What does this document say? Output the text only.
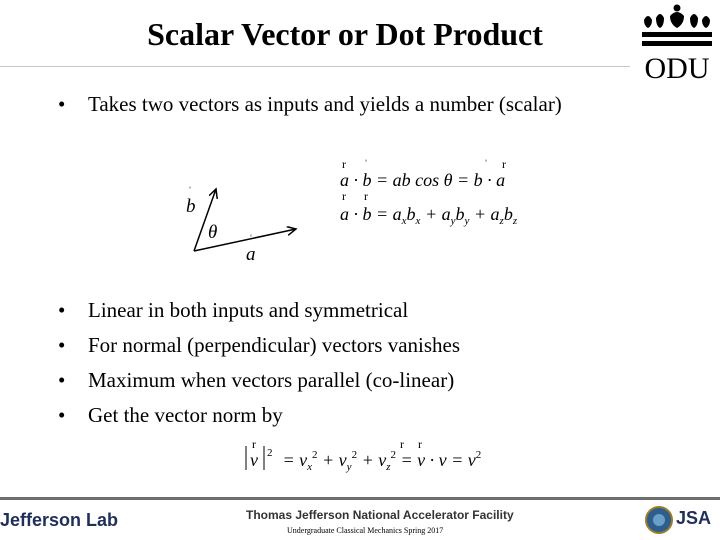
Scalar Vector or Dot Product
ODU
•	Takes two vectors as inputs and yields a number (scalar)
ˈ
b
θ	ˈ
a
r ˈ	ˈ r
r r
a · b = ab cos θ = b · a
$a \cdot b = a_xb_x + a_yb_y + a_zb_z$
•	Linear in both inputs and symmetrical
•	For normal (perpendicular) vectors vanishes
•	Maximum when vectors parallel (co-linear)
•	Get the vector norm by
r	r r
v $2 = v_x^2 + v_y^2 + v_z^2 = v \cdot v = v^2$
Jefferson Lab	Thomas Jefferson National Accelerator Facility
Undergraduate Classical Mechanics Spring 2017
JSA
